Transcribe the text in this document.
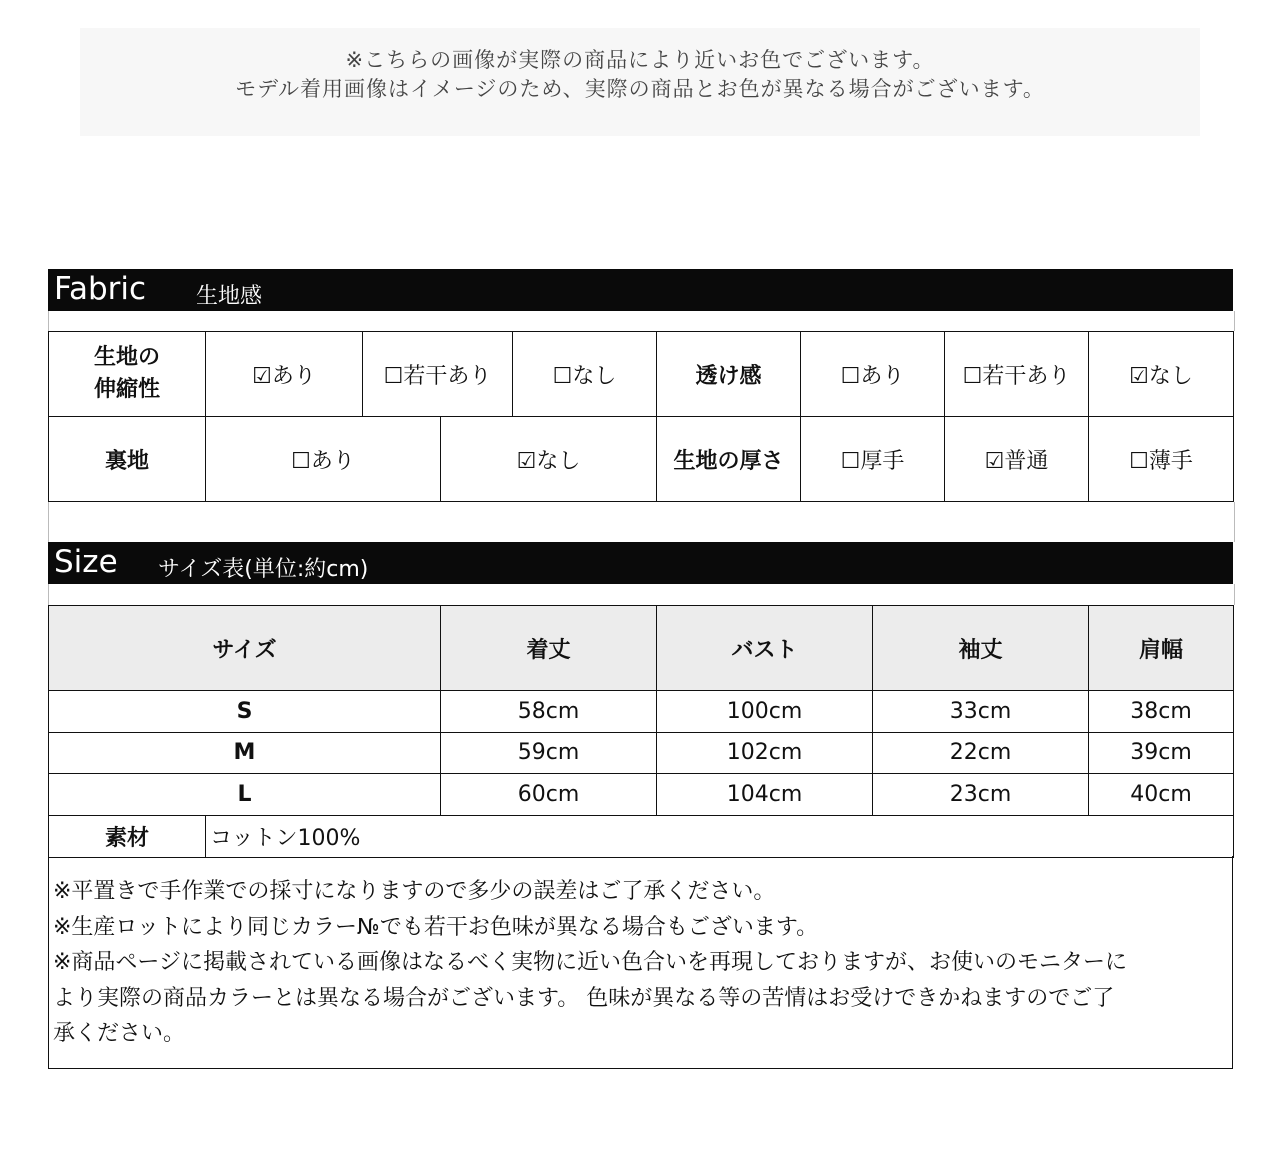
※こちらの画像が実際の商品により近いお色でございます。
モデル着用画像はイメージのため、実際の商品とお色が異なる場合がございます。
Fabric 生地感
生地の
伸縮性	☑あり	☐若干あり		☐なし	透け感	☐あり	☐若干あり	☑なし
裏地	☐あり		☑なし		生地の厚さ	☐厚手	☑普通	☐薄手
Size サイズ表(単位:約cm)
サイズ		着丈	バスト	袖丈	肩幅
S		58cm	100cm	33cm	38cm
M		59cm	102cm	22cm	39cm
L		60cm	104cm	23cm	40cm
素材	コットン100%				

※平置きで手作業での採寸になりますので多少の誤差はご了承ください。

※生産ロットにより同じカラー№でも若干お色味が異なる場合もございます。

※商品ページに掲載されている画像はなるべく実物に近い色合いを再現しておりますが、お使いのモニターに

より実際の商品カラーとは異なる場合がございます。 色味が異なる等の苦情はお受けできかねますのでご了

承ください。
